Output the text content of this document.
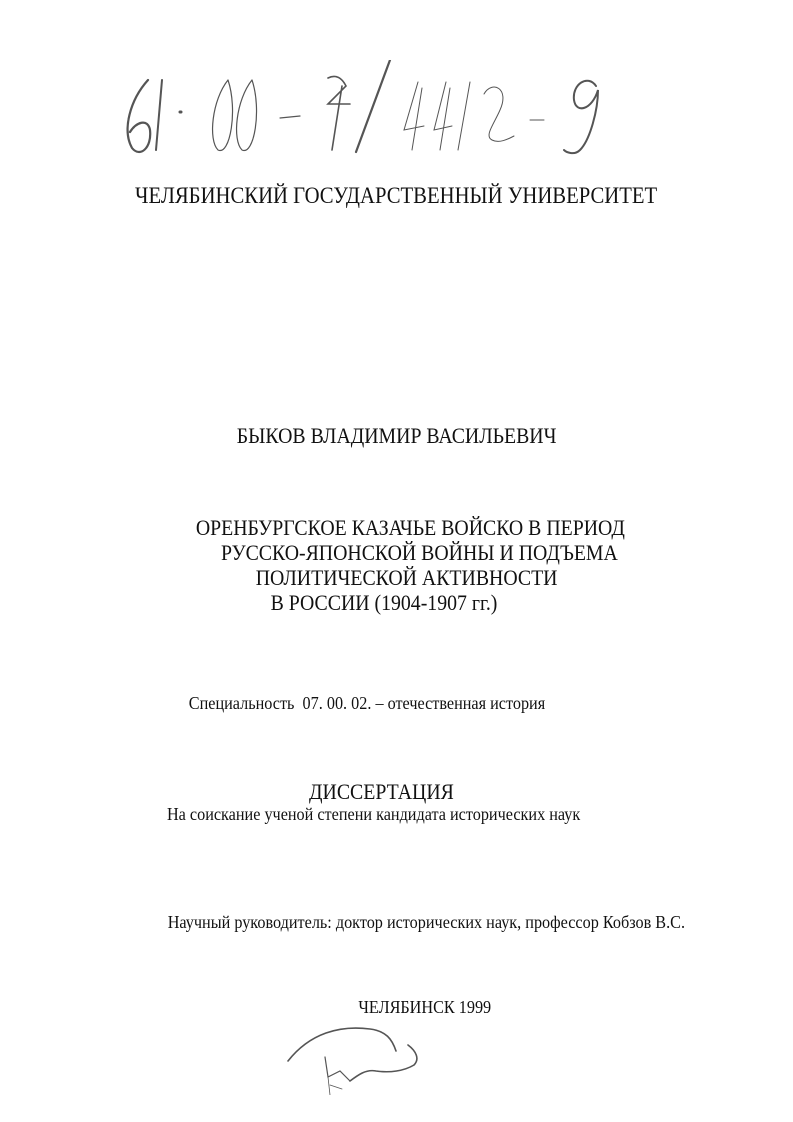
ЧЕЛЯБИНСКИЙ ГОСУДАРСТВЕННЫЙ УНИВЕРСИТЕТ
БЫКОВ ВЛАДИМИР ВАСИЛЬЕВИЧ
ОРЕНБУРГСКОЕ КАЗАЧЬЕ ВОЙСКО В ПЕРИОД
РУССКО-ЯПОНСКОЙ ВОЙНЫ И ПОДЪЕМА
ПОЛИТИЧЕСКОЙ АКТИВНОСТИ
В РОССИИ (1904-1907 гг.)
Специальность  07. 00. 02. – отечественная история
ДИССЕРТАЦИЯ
На соискание ученой степени кандидата исторических наук
Научный руководитель: доктор исторических наук, профессор Кобзов В.С.
ЧЕЛЯБИНСК 1999
